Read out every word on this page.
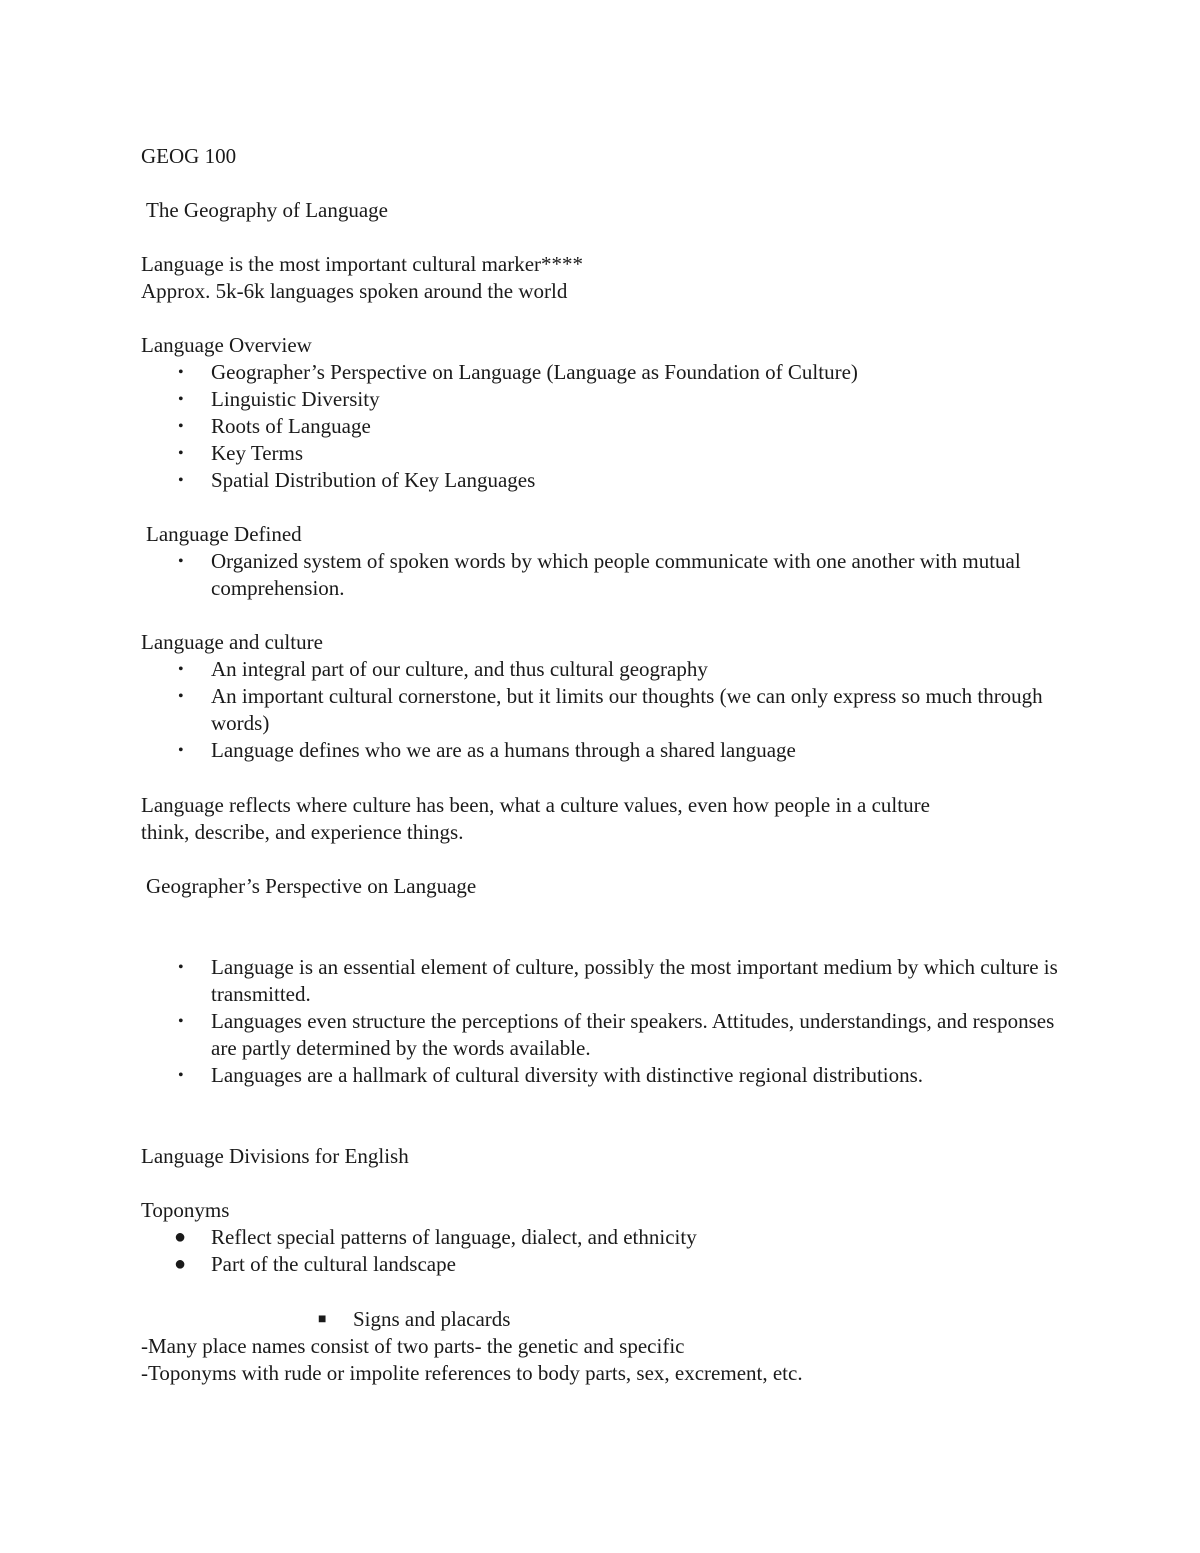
GEOG 100
The Geography of Language
Language is the most important cultural marker****
Approx. 5k-6k languages spoken around the world
Language Overview
• Geographer’s Perspective on Language (Language as Foundation of Culture)
• Linguistic Diversity
• Roots of Language
• Key Terms
• Spatial Distribution of Key Languages
Language Defined
• Organized system of spoken words by which people communicate with one another with mutual comprehension.
Language and culture
• An integral part of our culture, and thus cultural geography
• An important cultural cornerstone, but it limits our thoughts (we can only express so much through words)
• Language defines who we are as a humans through a shared language
Language reflects where culture has been, what a culture values, even how people in a culture
think, describe, and experience things.
Geographer’s Perspective on Language
• Language is an essential element of culture, possibly the most important medium by which culture is transmitted.
• Languages even structure the perceptions of their speakers. Attitudes, understandings, and responses are partly determined by the words available.
• Languages are a hallmark of cultural diversity with distinctive regional distributions.
Language Divisions for English
Toponyms
● Reflect special patterns of language, dialect, and ethnicity
● Part of the cultural landscape
■ Signs and placards
-Many place names consist of two parts- the genetic and specific
-Toponyms with rude or impolite references to body parts, sex, excrement, etc.
